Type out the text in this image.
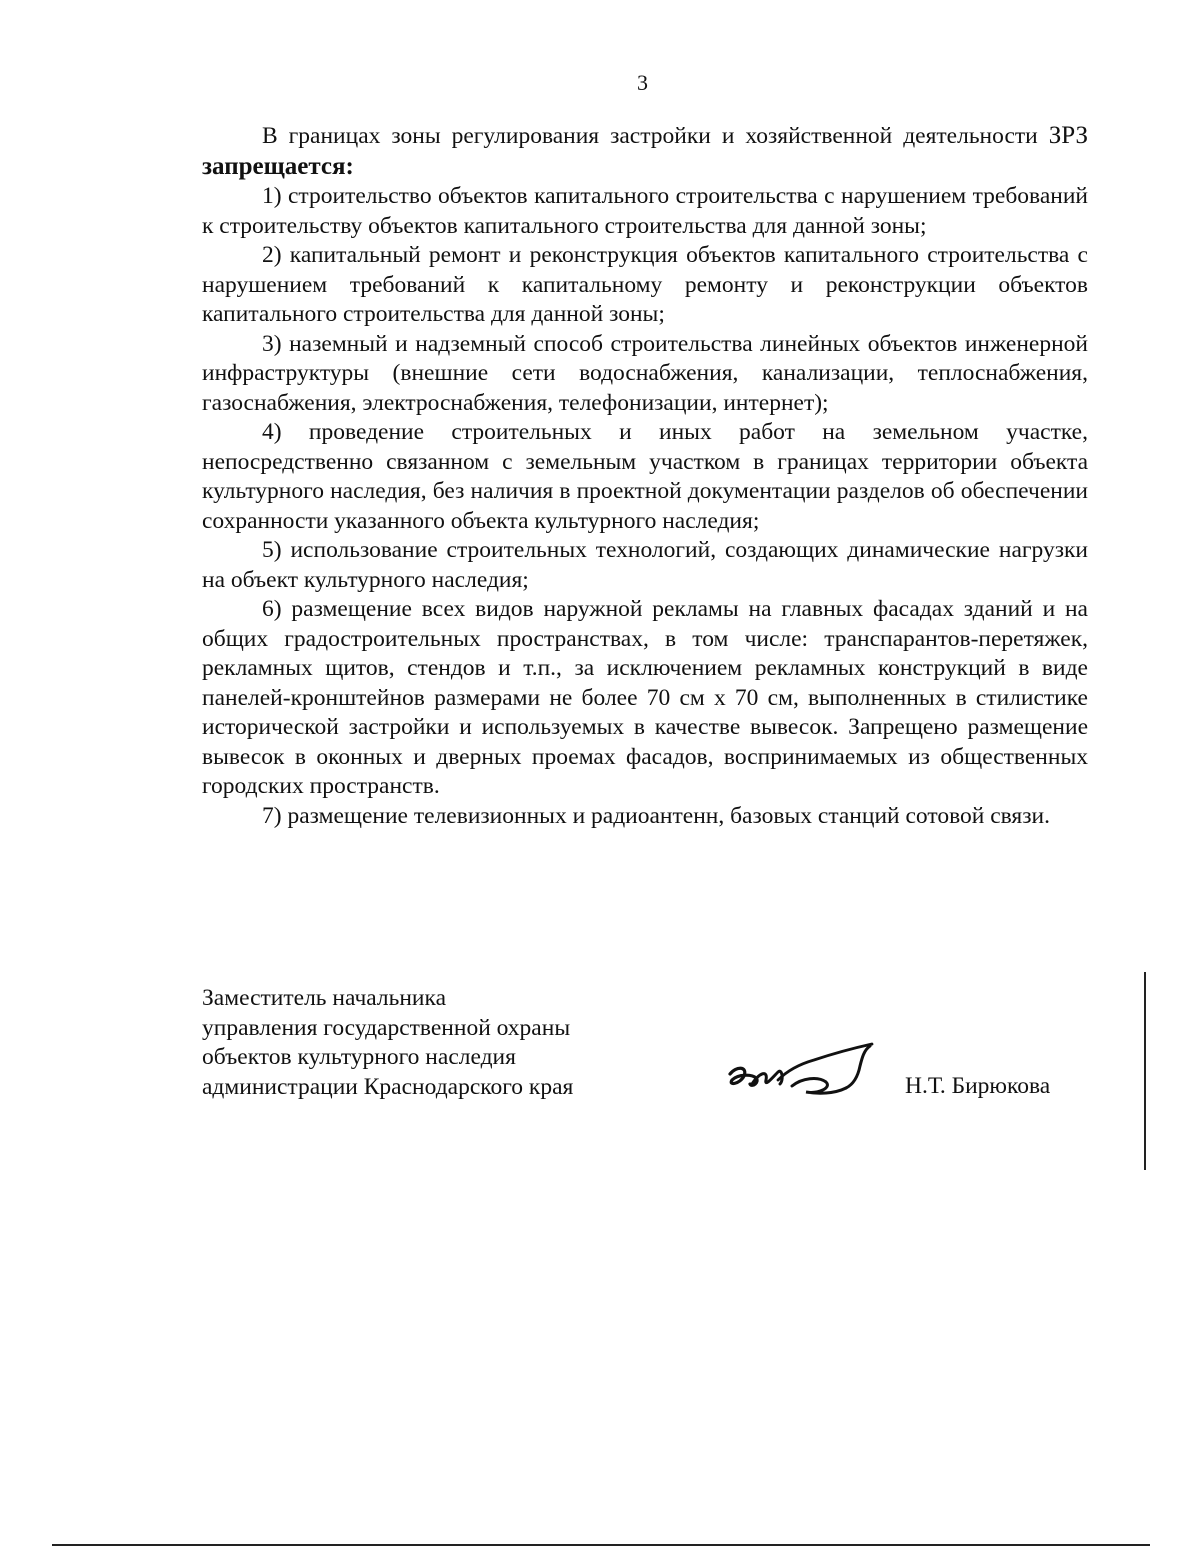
3

В границах зоны регулирования застройки и хозяйственной деятельности ЗРЗ запрещается:

1) строительство объектов капитального строительства с нарушением требований к строительству объектов капитального строительства для данной зоны;

2) капитальный ремонт и реконструкция объектов капитального строительства с нарушением требований к капитальному ремонту и реконструкции объектов капитального строительства для данной зоны;

3) наземный и надземный способ строительства линейных объектов инженерной инфраструктуры (внешние сети водоснабжения, канализации, теплоснабжения, газоснабжения, электроснабжения, телефонизации, интернет);

4) проведение строительных и иных работ на земельном участке, непосредственно связанном с земельным участком в границах территории объекта культурного наследия, без наличия в проектной документации разделов об обеспечении сохранности указанного объекта культурного наследия;

5) использование строительных технологий, создающих динамические нагрузки на объект культурного наследия;

6) размещение всех видов наружной рекламы на главных фасадах зданий и на общих градостроительных пространствах, в том числе: транспарантов-перетяжек, рекламных щитов, стендов и т.п., за исключением рекламных конструкций в виде панелей-кронштейнов размерами не более 70 см х 70 см, выполненных в стилистике исторической застройки и используемых в качестве вывесок. Запрещено размещение вывесок в оконных и дверных проемах фасадов, воспринимаемых из общественных городских пространств.

7) размещение телевизионных и радиоантенн, базовых станций сотовой связи.

Заместитель начальника
управления государственной охраны
объектов культурного наследия
администрации Краснодарского края	Н.Т. Бирюкова
